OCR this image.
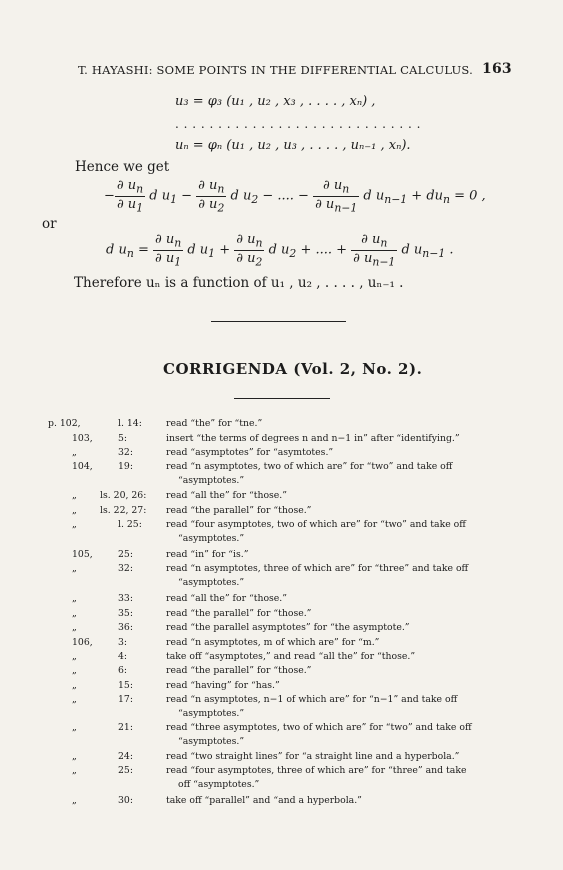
T. HAYASHI: SOME POINTS IN THE DIFFERENTIAL CALCULUS. 163
u₃ = φ₃ (u₁ , u₂ , x₃ , . . . . , xₙ) ,
. . . . . . . . . . . . . . . . . . . . . . . . . . . . .
uₙ = φₙ (u₁ , u₂ , u₃ , . . . . , uₙ₋₁ , xₙ).
Hence we get
− $\frac{\partial u_n}{\partial u_1}$ d $u_1 - \frac{\partial u_n}{\partial u_2}$ d $u_2$ − .... − $\frac{\partial u_n}{\partial u_{n-1}}$ d $u_{n-1} + du_n = 0$ ,
or
d $u_n = \frac{\partial u_n}{\partial u_1}$ d $u_1 + \frac{\partial u_n}{\partial u_2}$ d $u_2$ + .... + $\frac{\partial u_n}{\partial u_{n-1}}$ d $u_{n-1}$ .
Therefore uₙ is a function of u₁ , u₂ , . . . . , uₙ₋₁ .
CORRIGENDA (Vol. 2, No. 2).
p. 102,	l. 14:	read “the” for “tne.”
103,	5:	insert “the terms of degrees n and n−1 in” after “identifying.”
„	32:	read “asymptotes” for “asymtotes.”
104,	19:	read “n asymptotes, two of which are” for “two” and take off
“asymptotes.”
„ ls. 20, 26: read “all the” for “those.”
„ ls. 22, 27: read “the parallel” for “those.”
„	l. 25:	read “four asymptotes, two of which are” for “two” and take off
“asymptotes.”
105,	25:	read “in” for “is.”
„	32:	read “n asymptotes, three of which are” for “three” and take off
“asymptotes.”
„	33:	read “all the” for “those.”
„	35:	read “the parallel” for “those.”
„	36:	read “the parallel asymptotes” for “the asymptote.”
106,	3:	read “n asymptotes, m of which are” for “m.”
„	4:	take off “asymptotes,” and read “all the” for “those.”
„	6:	read “the parallel” for “those.”
„	15:	read “having” for “has.”
„	17:	read “n asymptotes, n−1 of which are” for “n−1” and take off
“asymptotes.”
„	21:	read “three asymptotes, two of which are” for “two” and take off
“asymptotes.”
„	24:	read “two straight lines” for “a straight line and a hyperbola.”
„	25:	read “four asymptotes, three of which are” for “three” and take
off “asymptotes.”
„	30:	take off “parallel” and “and a hyperbola.”
